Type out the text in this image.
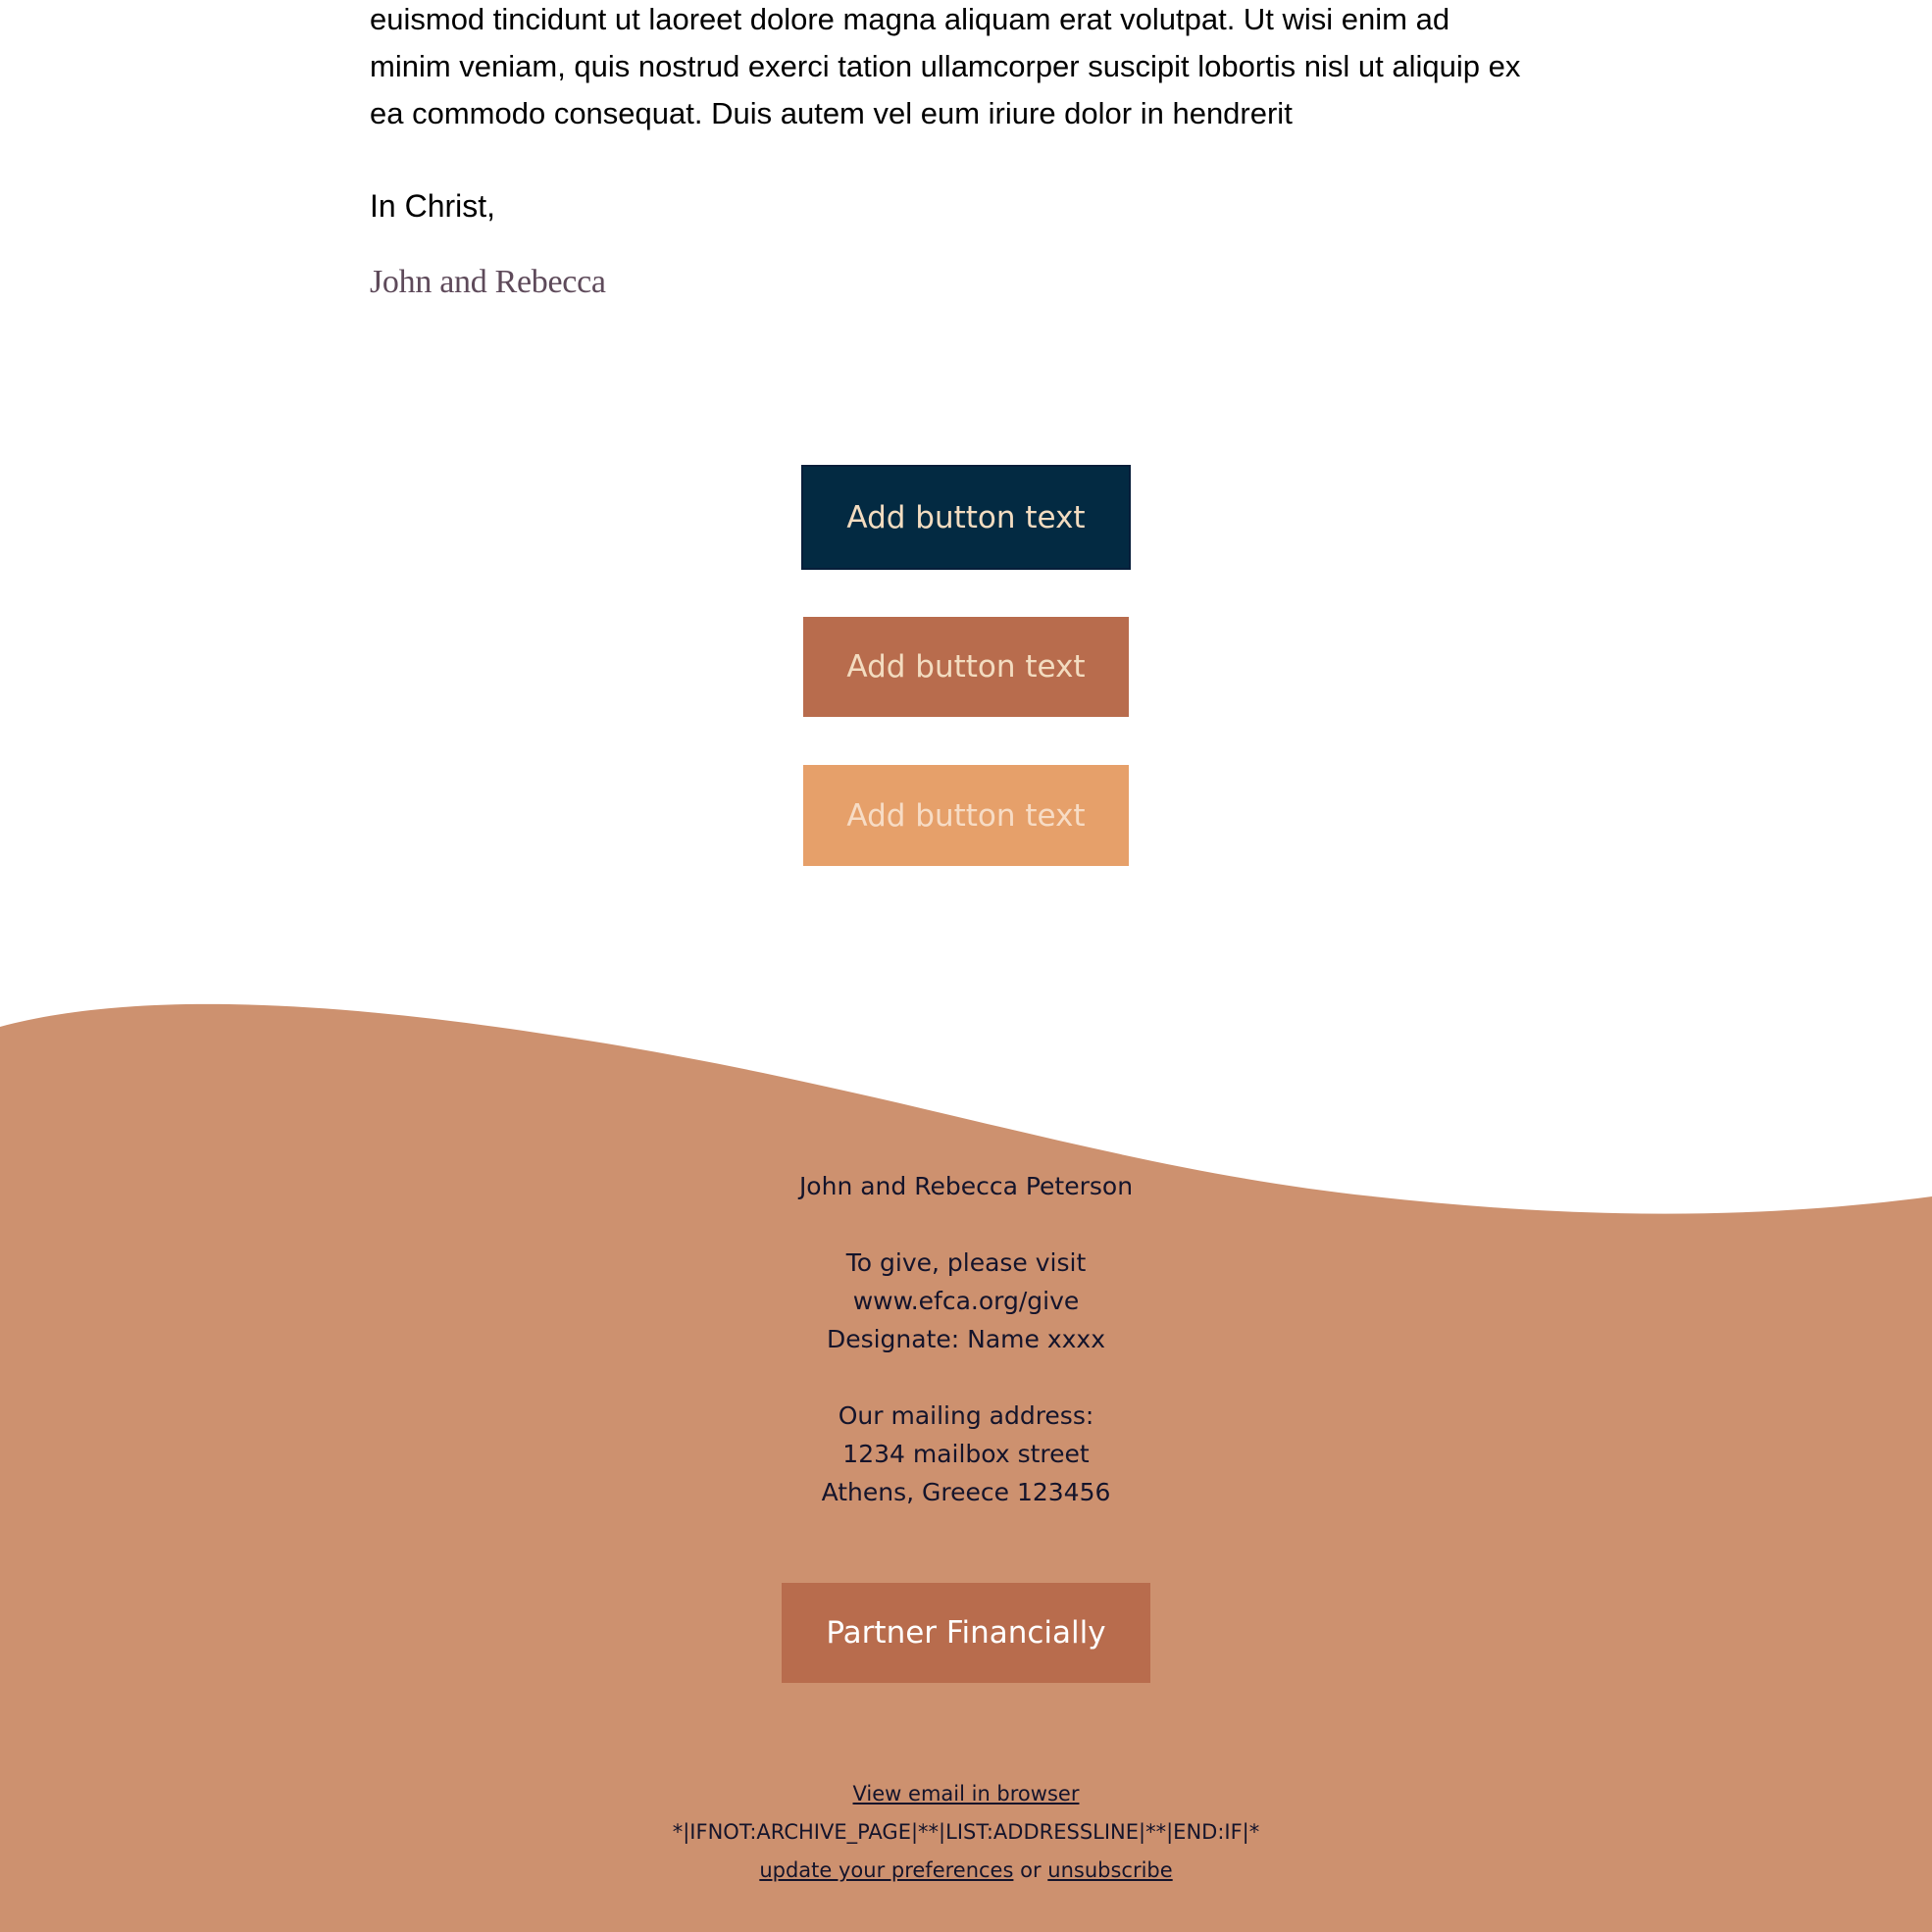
euismod tincidunt ut laoreet dolore magna aliquam erat volutpat. Ut wisi enim ad
minim veniam, quis nostrud exerci tation ullamcorper suscipit lobortis nisl ut aliquip ex
ea commodo consequat. Duis autem vel eum iriure dolor in hendrerit

In Christ,

John and Rebecca

Add button text
Add button text
Add button text

John and Rebecca Peterson

To give, please visit

www.efca.org/give

Designate: Name xxxx

Our mailing address:

1234 mailbox street

Athens, Greece 123456

Partner Financially

View email in browser

*|IFNOT:ARCHIVE_PAGE|**|LIST:ADDRESSLINE|**|END:IF|*

update your preferences or unsubscribe
